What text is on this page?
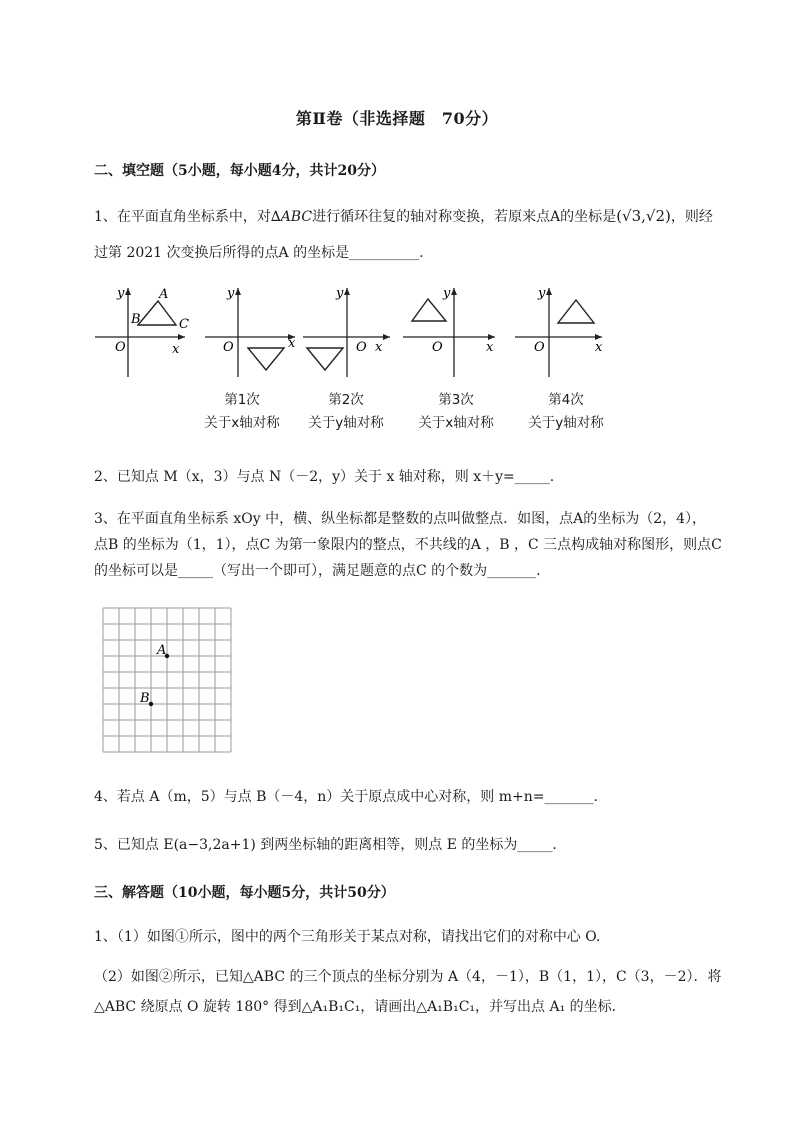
第Ⅱ卷（非选择题　70分）
二、填空题（5小题，每小题4分，共计20分）
1、在平面直角坐标系中，对∆ABC进行循环往复的轴对称变换，若原来点A的坐标是(√3,√2)，则经
过第 2021 次变换后所得的点A 的坐标是__________.
y
x
O
A
B	C
y
x
O
y
x
O
y
x
O
y
x
O
第1次
关于x轴对称
第2次
关于y轴对称
第3次
关于x轴对称
第4次
关于y轴对称
2、已知点 M（x，3）与点 N（－2，y）关于 x 轴对称，则 x＋y=_____.
3、在平面直角坐标系 xOy 中，横、纵坐标都是整数的点叫做整点．如图，点A的坐标为（2，4），
点B 的坐标为（1，1），点C 为第一象限内的整点，不共线的A ，B ，C 三点构成轴对称图形，则点C
的坐标可以是_____（写出一个即可），满足题意的点C 的个数为_______.
A
B
4、若点 A（m，5）与点 B（－4，n）关于原点成中心对称，则 m+n=_______.
5、已知点 E(a−3,2a+1) 到两坐标轴的距离相等，则点 E 的坐标为_____.
三、解答题（10小题，每小题5分，共计50分）
1、（1）如图①所示，图中的两个三角形关于某点对称，请找出它们的对称中心 O.
（2）如图②所示，已知△ABC 的三个顶点的坐标分别为 A（4，－1），B（1，1），C（3，－2）．将
△ABC 绕原点 O 旋转 180° 得到△A₁B₁C₁，请画出△A₁B₁C₁，并写出点 A₁ 的坐标．
